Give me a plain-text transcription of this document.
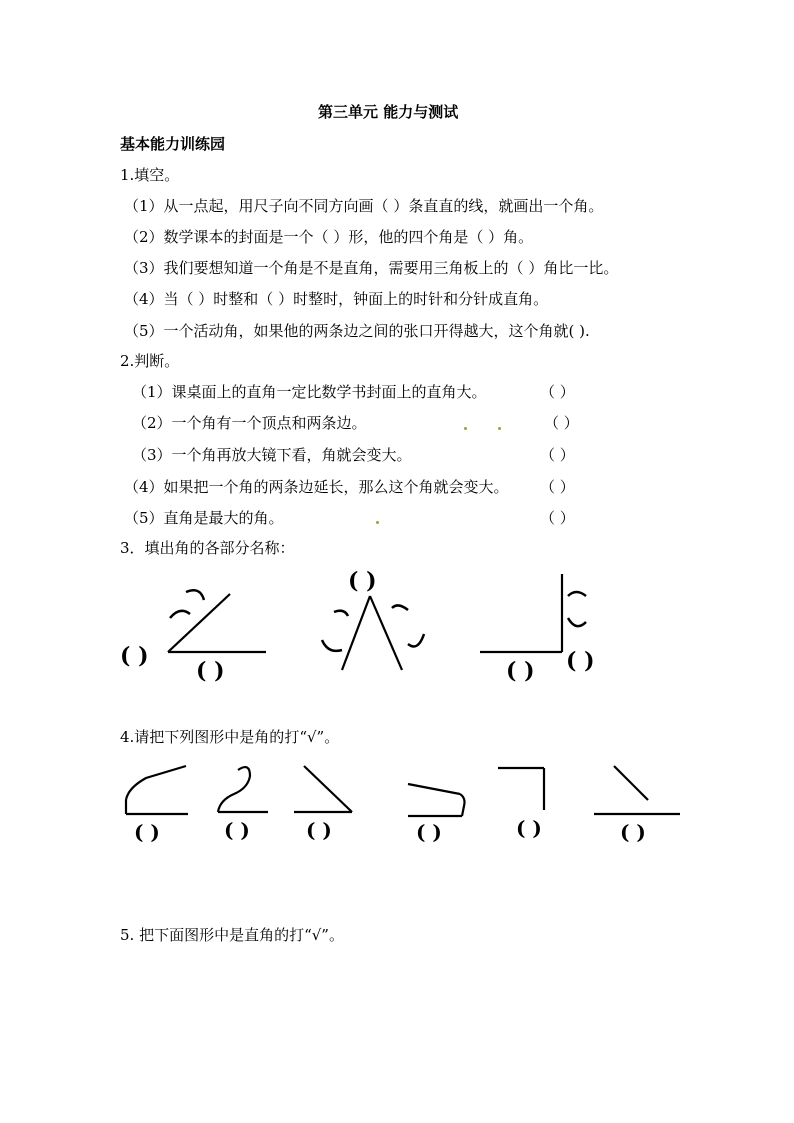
第三单元 能力与测试
基本能力训练园
1.填空。
（1）从一点起，用尺子向不同方向画（ ）条直直的线，就画出一个角。
（2）数学课本的封面是一个（ ）形，他的四个角是（ ）角。
（3）我们要想知道一个角是不是直角，需要用三角板上的（ ）角比一比。
（4）当（ ）时整和（ ）时整时，钟面上的时针和分针成直角。
（5）一个活动角，如果他的两条边之间的张口开得越大，这个角就( ).
2.判断。
（1）课桌面上的直角一定比数学书封面上的直角大。	（ ）
（2）一个角有一个顶点和两条边。	（ ）
（3）一个角再放大镜下看，角就会变大。	（ ）
（4）如果把一个角的两条边延长，那么这个角就会变大。 （ ）
（5）直角是最大的角。	（ ）
3．填出角的各部分名称：
( )
( )
( )
( ) ( )
4.请把下列图形中是角的打“√”。
( )	( )	( )	( )	( )	( )
5. 把下面图形中是直角的打“√”。
